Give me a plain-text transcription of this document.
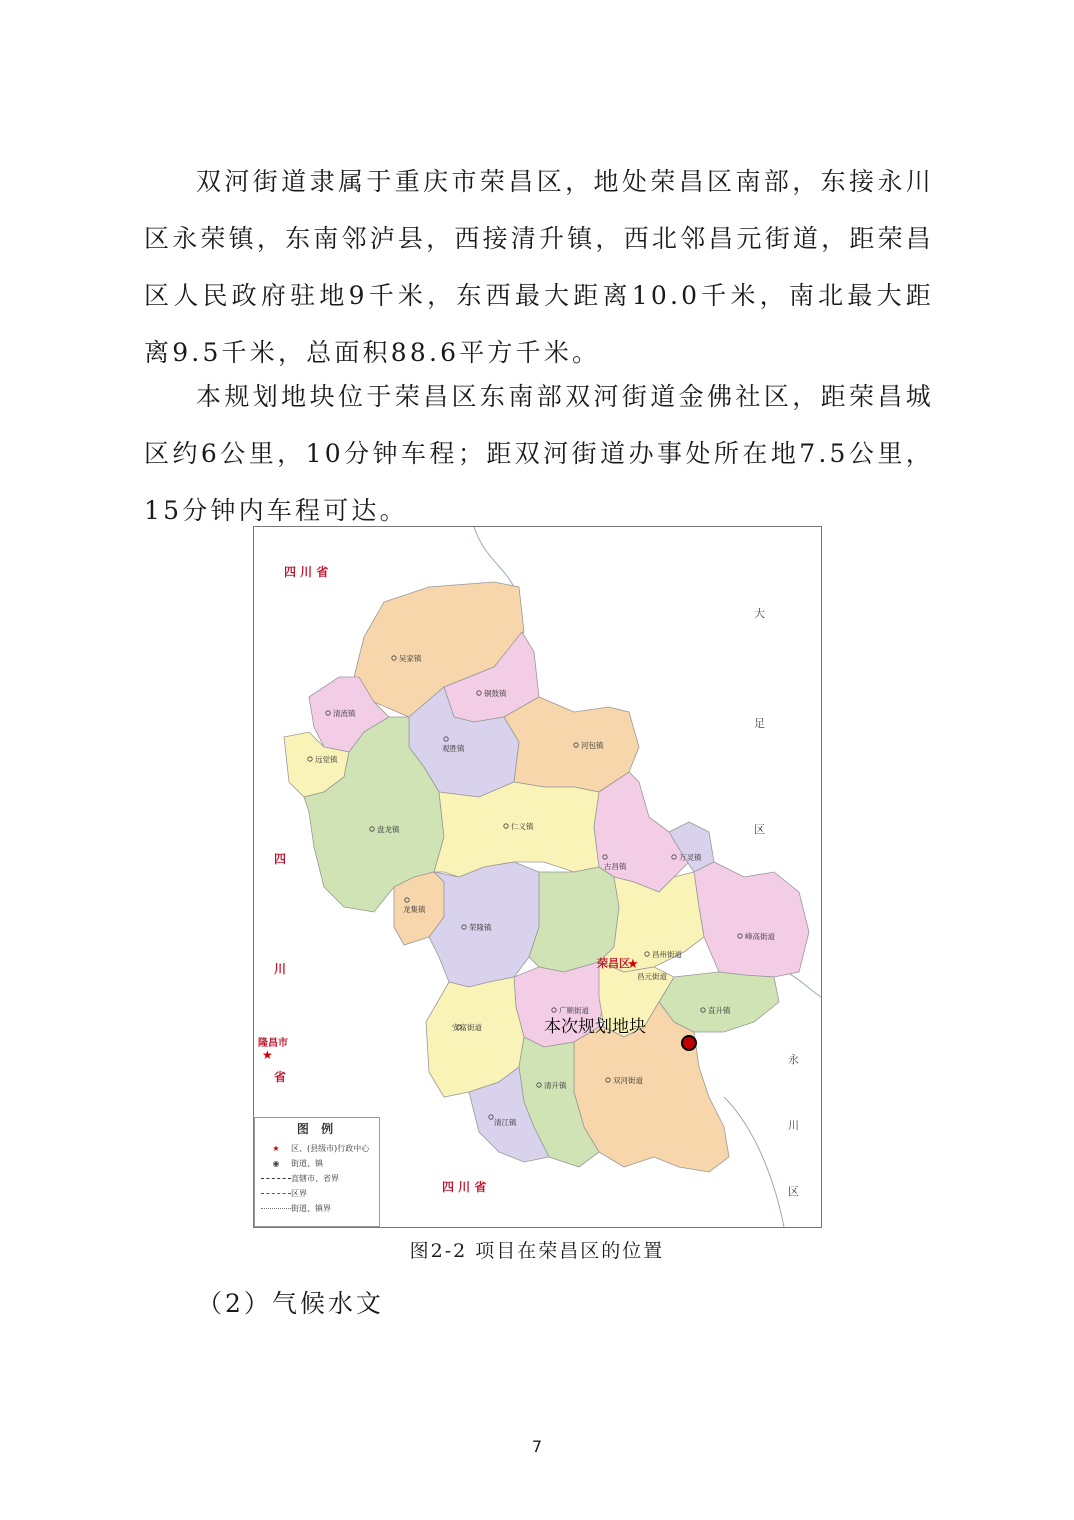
双河街道隶属于重庆市荣昌区，地处荣昌区南部，东接永川区永荣镇，东南邻泸县，西接清升镇，西北邻昌元街道，距荣昌区人民政府驻地9千米，东西最大距离10.0千米，南北最大距离9.5千米，总面积88.6平方千米。

本规划地块位于荣昌区东南部双河街道金佛社区，距荣昌城区约6公里，10分钟车程；距双河街道办事处所在地7.5公里，15分钟内车程可达。

四 川 省
四
川
省
四 川 省
隆昌市
大
足
区
永
川
区
吴家镇
清流镇
铜鼓镇
观胜镇	河包镇
远觉镇
盘龙镇	仁义镇
古昌镇
万灵镇
龙集镇
荣隆镇
峰高街道
昌州街道
昌元街道
直升镇
广顺街道
安富街道
清升镇
双河街道
清江镇
荣昌区
★
★
本次规划地块
图 例
★ 区、(县级市)行政中心
◉ 街道、镇
直辖市、省界
区界
街道、镇界
图2-2 项目在荣昌区的位置
（2）气候水文
7
